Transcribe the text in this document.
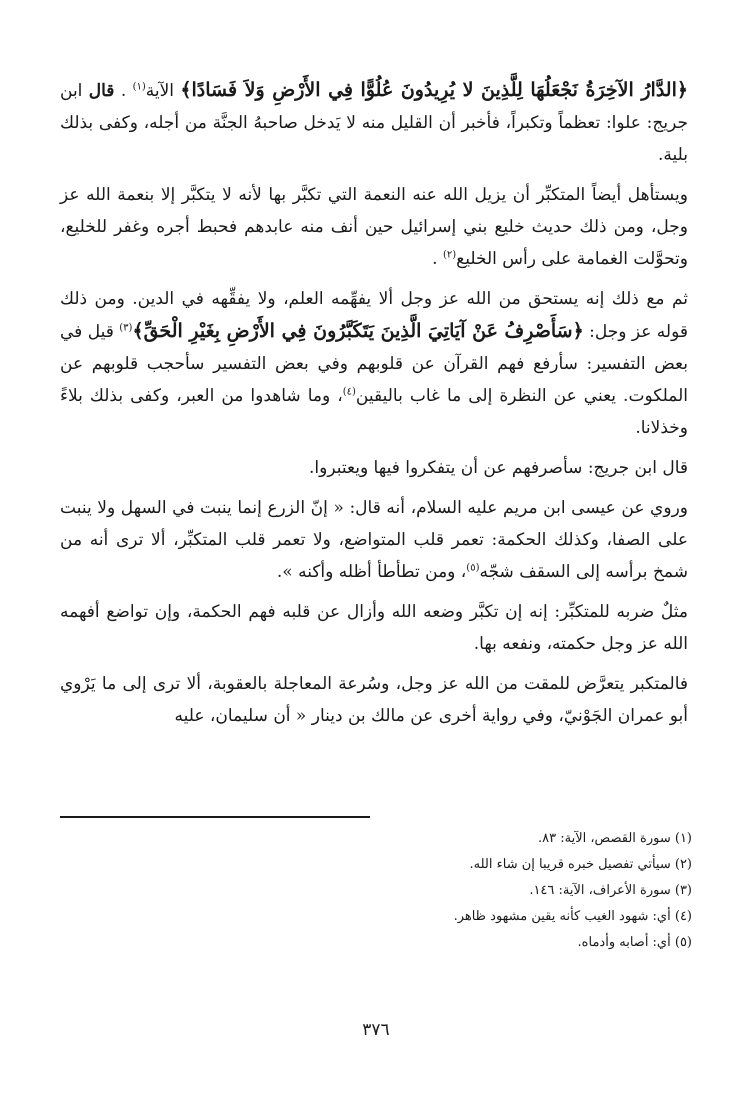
﴿الدَّارُ الآخِرَةُ نَجْعَلُهَا لِلَّذِينَ لا يُرِيدُونَ عُلُوًّا فِي الأَرْضِ وَلاَ فَسَادًا﴾ الآية$^{(١)}$ . قال ابن جريج: علوا: تعظماً وتكبراً، فأخبر أن القليل منه لا يَدخل صاحبهُ الجنَّة من أجله، وكفى بذلك بلية.

ويستأهل أيضاً المتكبِّر أن يزيل الله عنه النعمة التي تكبَّر بها لأنه لا يتكبَّر إلا بنعمة الله عز وجل، ومن ذلك حديث خليع بني إسرائيل حين أنف منه عابدهم فحبط أجره وغفر للخليع، وتحوَّلت الغمامة على رأس الخليع$^{(٢)}$ .

ثم مع ذلك إنه يستحق من الله عز وجل ألا يفهِّمه العلم، ولا يفقِّهه في الدين. ومن ذلك قوله عز وجل: ﴿سَأَصْرِفُ عَنْ آيَاتِيَ الَّذِينَ يَتَكَبَّرُونَ فِي الأَرْضِ بِغَيْرِ الْحَقِّ﴾$^{(٣)}$ قيل في بعض التفسير: سأرفع فهم القرآن عن قلوبهم وفي بعض التفسير سأحجب قلوبهم عن الملكوت. يعني عن النظرة إلى ما غاب باليقين$^{(٤)}$، وما شاهدوا من العبر، وكفى بذلك بلاءً وخذلانا.

قال ابن جريج: سأصرفهم عن أن يتفكروا فيها ويعتبروا.

وروي عن عيسى ابن مريم عليه السلام، أنه قال: « إنّ الزرع إنما ينبت في السهل ولا ينبت على الصفا، وكذلك الحكمة: تعمر قلب المتواضع، ولا تعمر قلب المتكبِّر، ألا ترى أنه من شمخ برأسه إلى السقف شجّه$^{(٥)}$، ومن تطأطأ أظله وأكنه ».

مثلٌ ضربه للمتكبِّر: إنه إن تكبَّر وضعه الله وأزال عن قلبه فهم الحكمة، وإن تواضع أفهمه الله عز وجل حكمته، ونفعه بها.

فالمتكبر يتعرَّض للمقت من الله عز وجل، وسُرعة المعاجلة بالعقوبة، ألا ترى إلى ما يَرْوي أبو عمران الجَوْنيّ، وفي رواية أخرى عن مالك بن دينار « أن سليمان، عليه

(١) سورة القصص، الآية: ٨٣.
(٢) سيأتي تفصيل خبره قريبا إن شاء الله.
(٣) سورة الأعراف، الآية: ١٤٦.
(٤) أي: شهود الغيب كأنه يقين مشهود ظاهر.
(٥) أي: أصابه وأدماه.
٣٧٦
